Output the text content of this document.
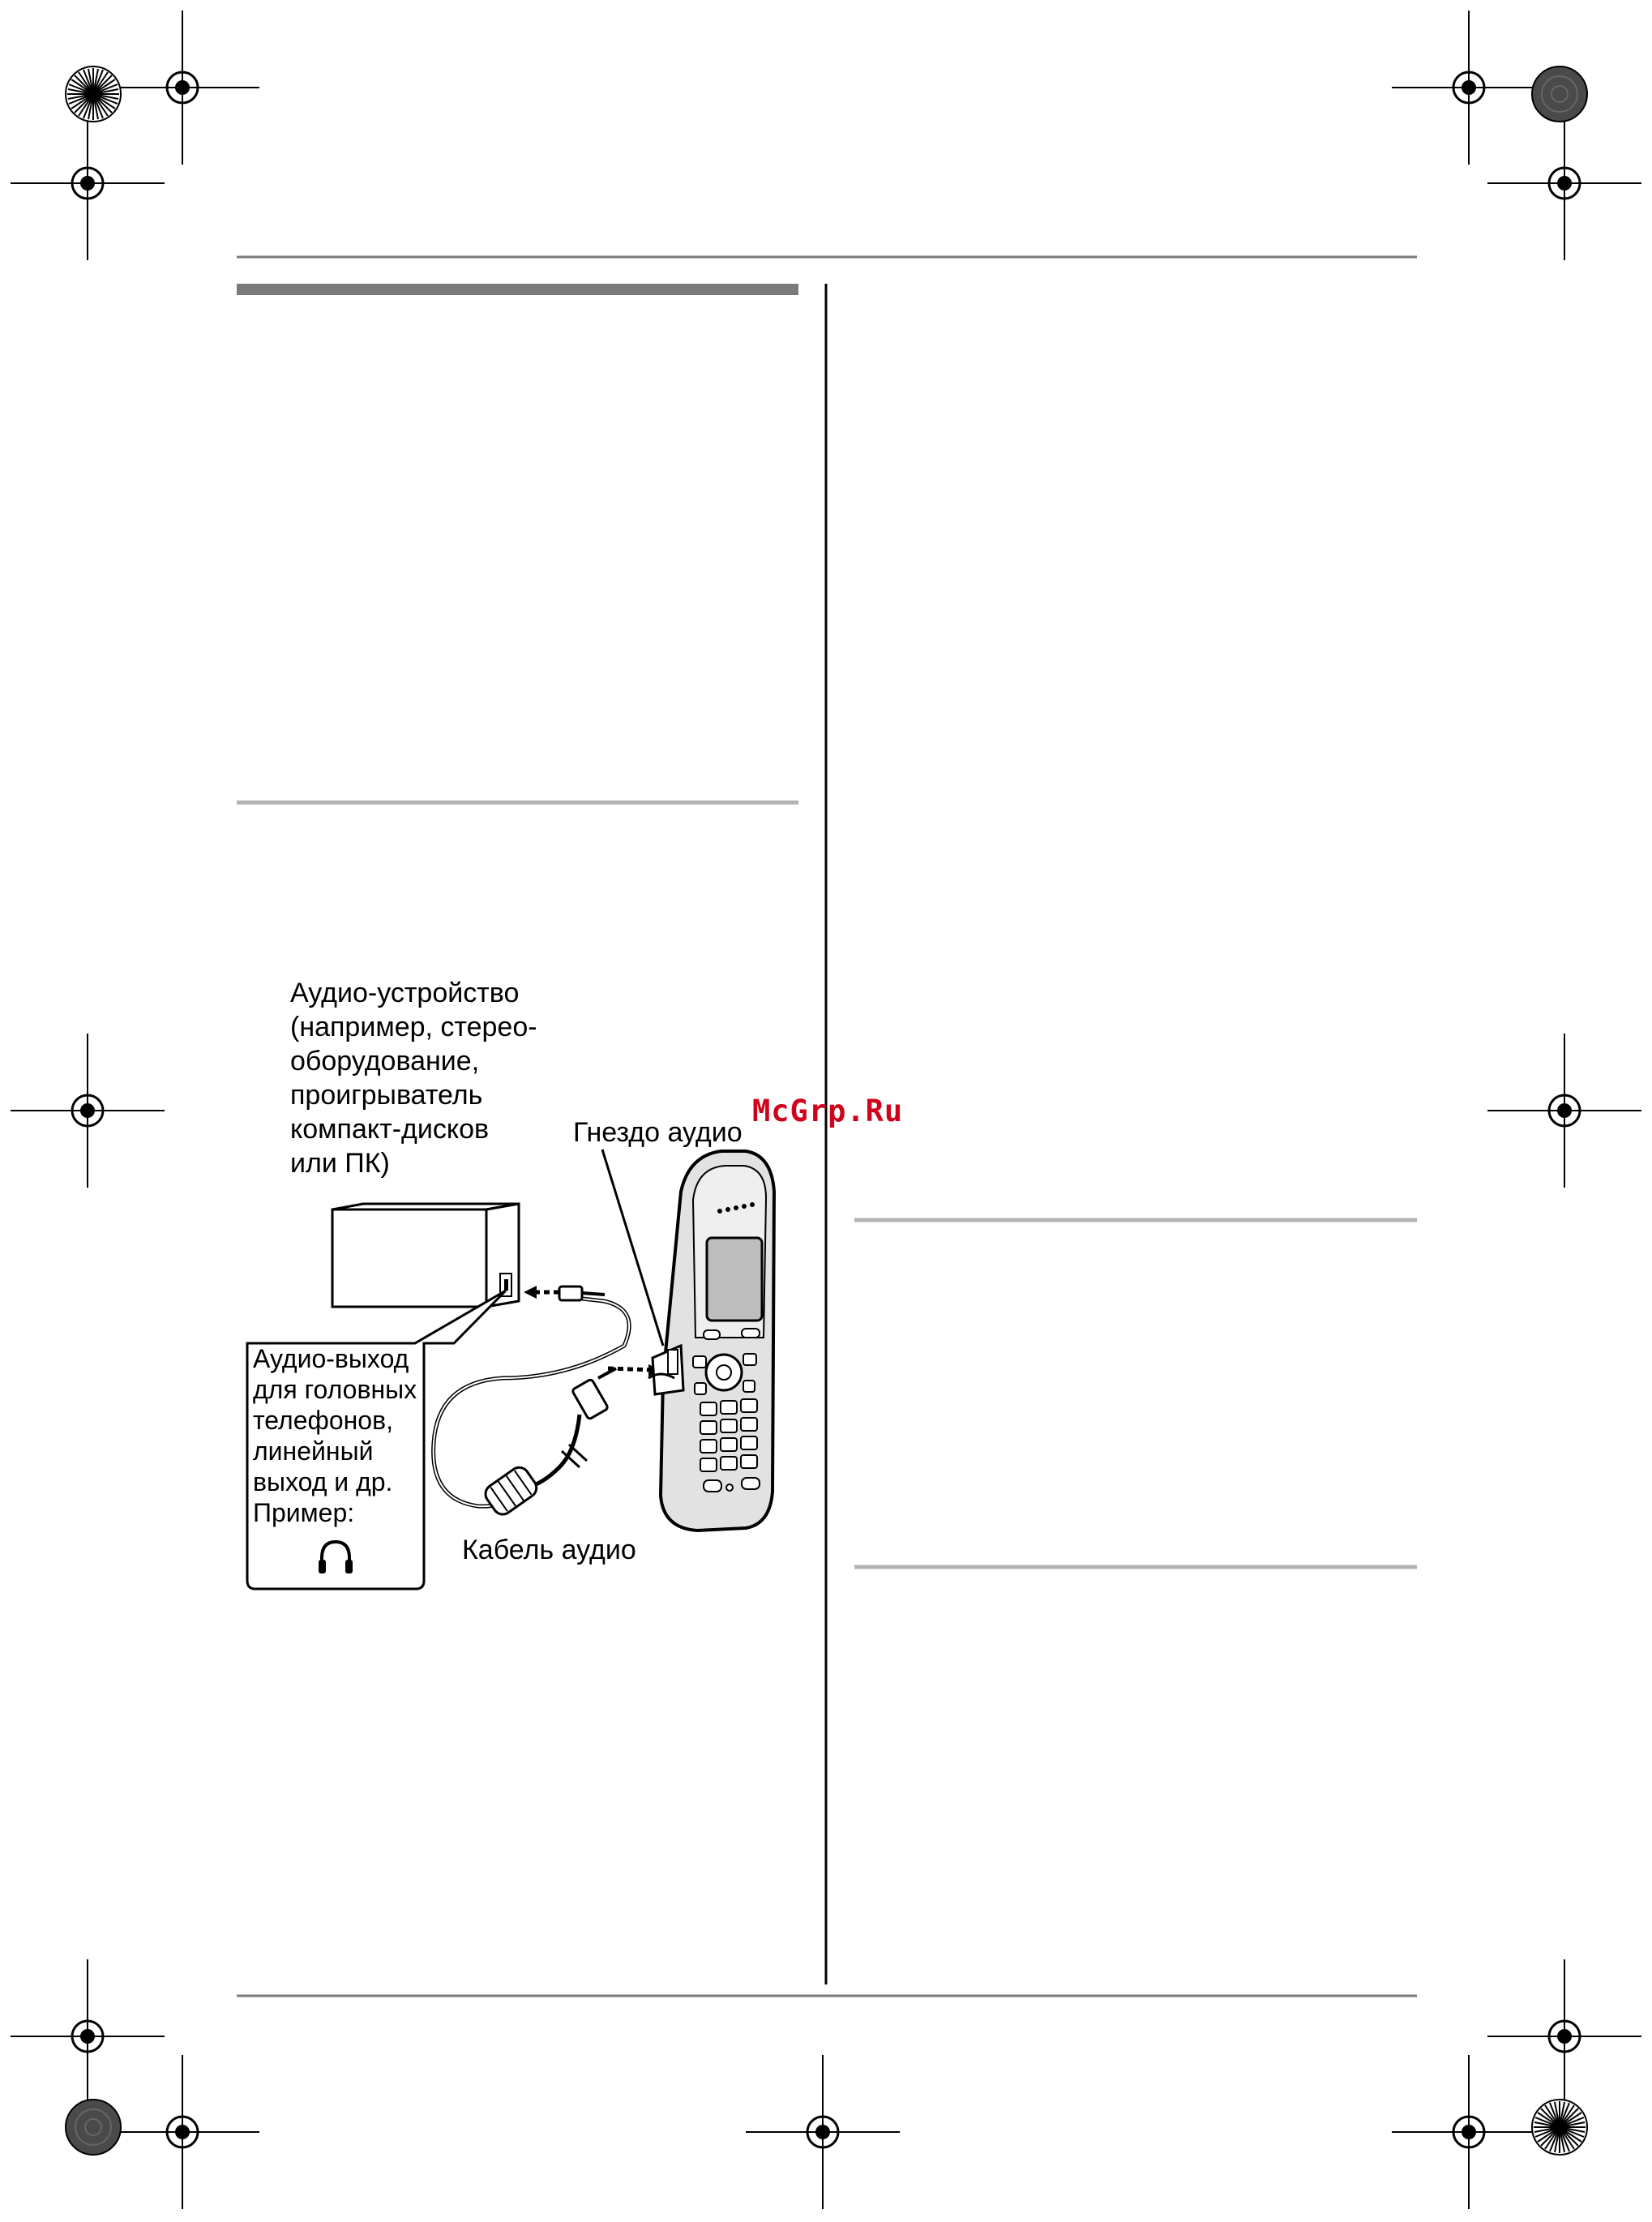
Аудио-устройство
(например, стерео-
оборудование,
проигрыватель
компакт-дисков
или ПК)
McGrp.Ru
Гнездо аудио
Аудио-выход
для головных
телефонов,
линейный
выход и др.
Пример:
Кабель аудио
